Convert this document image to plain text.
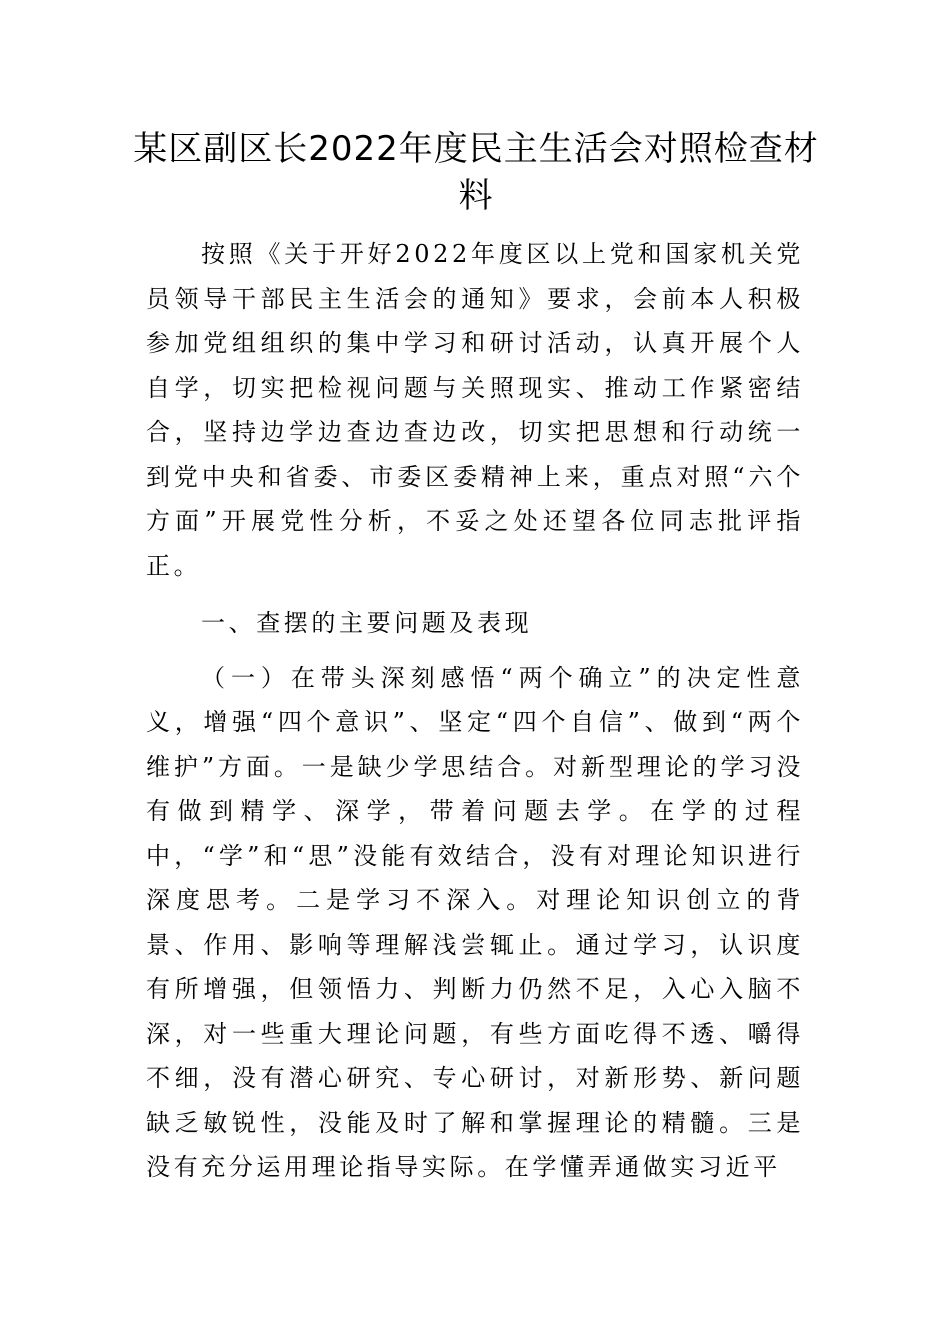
某区副区长2022年度民主生活会对照检查材料

按照《关于开好2022年度区以上党和国家机关党员领导干部民主生活会的通知》要求，会前本人积极参加党组组织的集中学习和研讨活动，认真开展个人自学，切实把检视问题与关照现实、推动工作紧密结合，坚持边学边查边查边改，切实把思想和行动统一到党中央和省委、市委区委精神上来，重点对照“六个方面”开展党性分析，不妥之处还望各位同志批评指正。

一、查摆的主要问题及表现

（一）在带头深刻感悟“两个确立”的决定性意义，增强“四个意识”、坚定“四个自信”、做到“两个维护”方面。一是缺少学思结合。对新型理论的学习没有做到精学、深学，带着问题去学。在学的过程中，“学”和“思”没能有效结合，没有对理论知识进行深度思考。二是学习不深入。对理论知识创立的背景、作用、影响等理解浅尝辄止。通过学习，认识度有所增强，但领悟力、判断力仍然不足，入心入脑不深，对一些重大理论问题，有些方面吃得不透、嚼得不细，没有潜心研究、专心研讨，对新形势、新问题缺乏敏锐性，没能及时了解和掌握理论的精髓。三是没有充分运用理论指导实际。在学懂弄通做实习近平
